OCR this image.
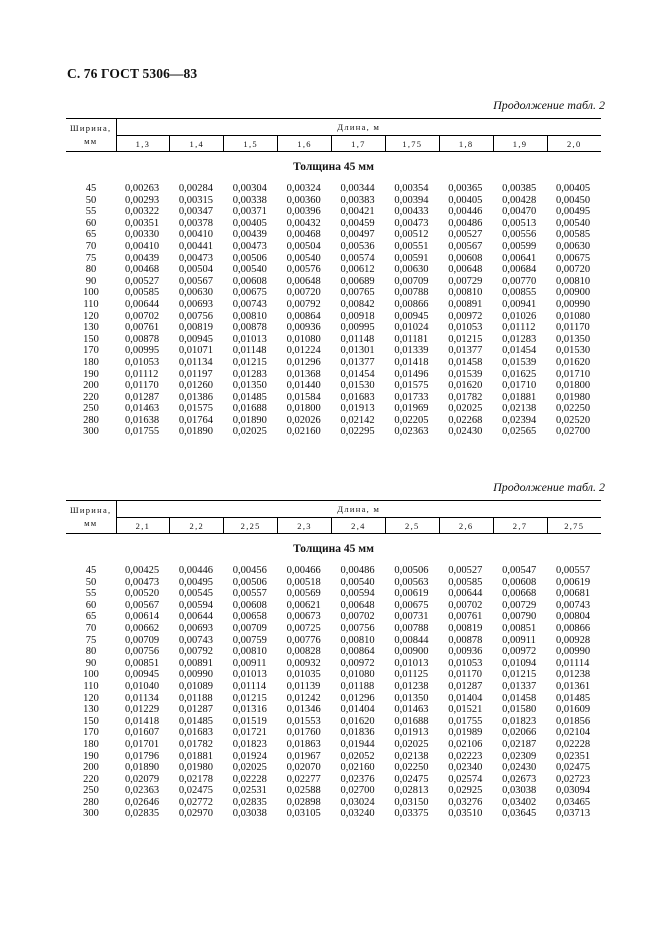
С. 76 ГОСТ 5306—83
Продолжение табл. 2
Ширина, мм	Длина, м								
	1,3	1,4	1,5	1,6	1,7	1,75	1,8	1,9	2,0
Толщина 45 мм									
45	0,00263	0,00284	0,00304	0,00324	0,00344	0,00354	0,00365	0,00385	0,00405
50	0,00293	0,00315	0,00338	0,00360	0,00383	0,00394	0,00405	0,00428	0,00450
55	0,00322	0,00347	0,00371	0,00396	0,00421	0,00433	0,00446	0,00470	0,00495
60	0,00351	0,00378	0,00405	0,00432	0,00459	0,00473	0,00486	0,00513	0,00540
65	0,00330	0,00410	0,00439	0,00468	0,00497	0,00512	0,00527	0,00556	0,00585
70	0,00410	0,00441	0,00473	0,00504	0,00536	0,00551	0,00567	0,00599	0,00630
75	0,00439	0,00473	0,00506	0,00540	0,00574	0,00591	0,00608	0,00641	0,00675
80	0,00468	0,00504	0,00540	0,00576	0,00612	0,00630	0,00648	0,00684	0,00720
90	0,00527	0,00567	0,00608	0,00648	0,00689	0,00709	0,00729	0,00770	0,00810
100	0,00585	0,00630	0,00675	0,00720	0,00765	0,00788	0,00810	0,00855	0,00900
110	0,00644	0,00693	0,00743	0,00792	0,00842	0,00866	0,00891	0,00941	0,00990
120	0,00702	0,00756	0,00810	0,00864	0,00918	0,00945	0,00972	0,01026	0,01080
130	0,00761	0,00819	0,00878	0,00936	0,00995	0,01024	0,01053	0,01112	0,01170
150	0,00878	0,00945	0,01013	0,01080	0,01148	0,01181	0,01215	0,01283	0,01350
170	0,00995	0,01071	0,01148	0,01224	0,01301	0,01339	0,01377	0,01454	0,01530
180	0,01053	0,01134	0,01215	0,01296	0,01377	0,01418	0,01458	0,01539	0,01620
190	0,01112	0,01197	0,01283	0,01368	0,01454	0,01496	0,01539	0,01625	0,01710
200	0,01170	0,01260	0,01350	0,01440	0,01530	0,01575	0,01620	0,01710	0,01800
220	0,01287	0,01386	0,01485	0,01584	0,01683	0,01733	0,01782	0,01881	0,01980
250	0,01463	0,01575	0,01688	0,01800	0,01913	0,01969	0,02025	0,02138	0,02250
280	0,01638	0,01764	0,01890	0,02026	0,02142	0,02205	0,02268	0,02394	0,02520
300	0,01755	0,01890	0,02025	0,02160	0,02295	0,02363	0,02430	0,02565	0,02700
Продолжение табл. 2
Ширина, мм	Длина, м								
	2,1	2,2	2,25	2,3	2,4	2,5	2,6	2,7	2,75
Толщина 45 мм									
45	0,00425	0,00446	0,00456	0,00466	0,00486	0,00506	0,00527	0,00547	0,00557
50	0,00473	0,00495	0,00506	0,00518	0,00540	0,00563	0,00585	0,00608	0,00619
55	0,00520	0,00545	0,00557	0,00569	0,00594	0,00619	0,00644	0,00668	0,00681
60	0,00567	0,00594	0,00608	0,00621	0,00648	0,00675	0,00702	0,00729	0,00743
65	0,00614	0,00644	0,00658	0,00673	0,00702	0,00731	0,00761	0,00790	0,00804
70	0,00662	0,00693	0,00709	0,00725	0,00756	0,00788	0,00819	0,00851	0,00866
75	0,00709	0,00743	0,00759	0,00776	0,00810	0,00844	0,00878	0,00911	0,00928
80	0,00756	0,00792	0,00810	0,00828	0,00864	0,00900	0,00936	0,00972	0,00990
90	0,00851	0,00891	0,00911	0,00932	0,00972	0,01013	0,01053	0,01094	0,01114
100	0,00945	0,00990	0,01013	0,01035	0,01080	0,01125	0,01170	0,01215	0,01238
110	0,01040	0,01089	0,01114	0,01139	0,01188	0,01238	0,01287	0,01337	0,01361
120	0,01134	0,01188	0,01215	0,01242	0,01296	0,01350	0,01404	0,01458	0,01485
130	0,01229	0,01287	0,01316	0,01346	0,01404	0,01463	0,01521	0,01580	0,01609
150	0,01418	0,01485	0,01519	0,01553	0,01620	0,01688	0,01755	0,01823	0,01856
170	0,01607	0,01683	0,01721	0,01760	0,01836	0,01913	0,01989	0,02066	0,02104
180	0,01701	0,01782	0,01823	0,01863	0,01944	0,02025	0,02106	0,02187	0,02228
190	0,01796	0,01881	0,01924	0,01967	0,02052	0,02138	0,02223	0,02309	0,02351
200	0,01890	0,01980	0,02025	0,02070	0,02160	0,02250	0,02340	0,02430	0,02475
220	0,02079	0,02178	0,02228	0,02277	0,02376	0,02475	0,02574	0,02673	0,02723
250	0,02363	0,02475	0,02531	0,02588	0,02700	0,02813	0,02925	0,03038	0,03094
280	0,02646	0,02772	0,02835	0,02898	0,03024	0,03150	0,03276	0,03402	0,03465
300	0,02835	0,02970	0,03038	0,03105	0,03240	0,03375	0,03510	0,03645	0,03713
